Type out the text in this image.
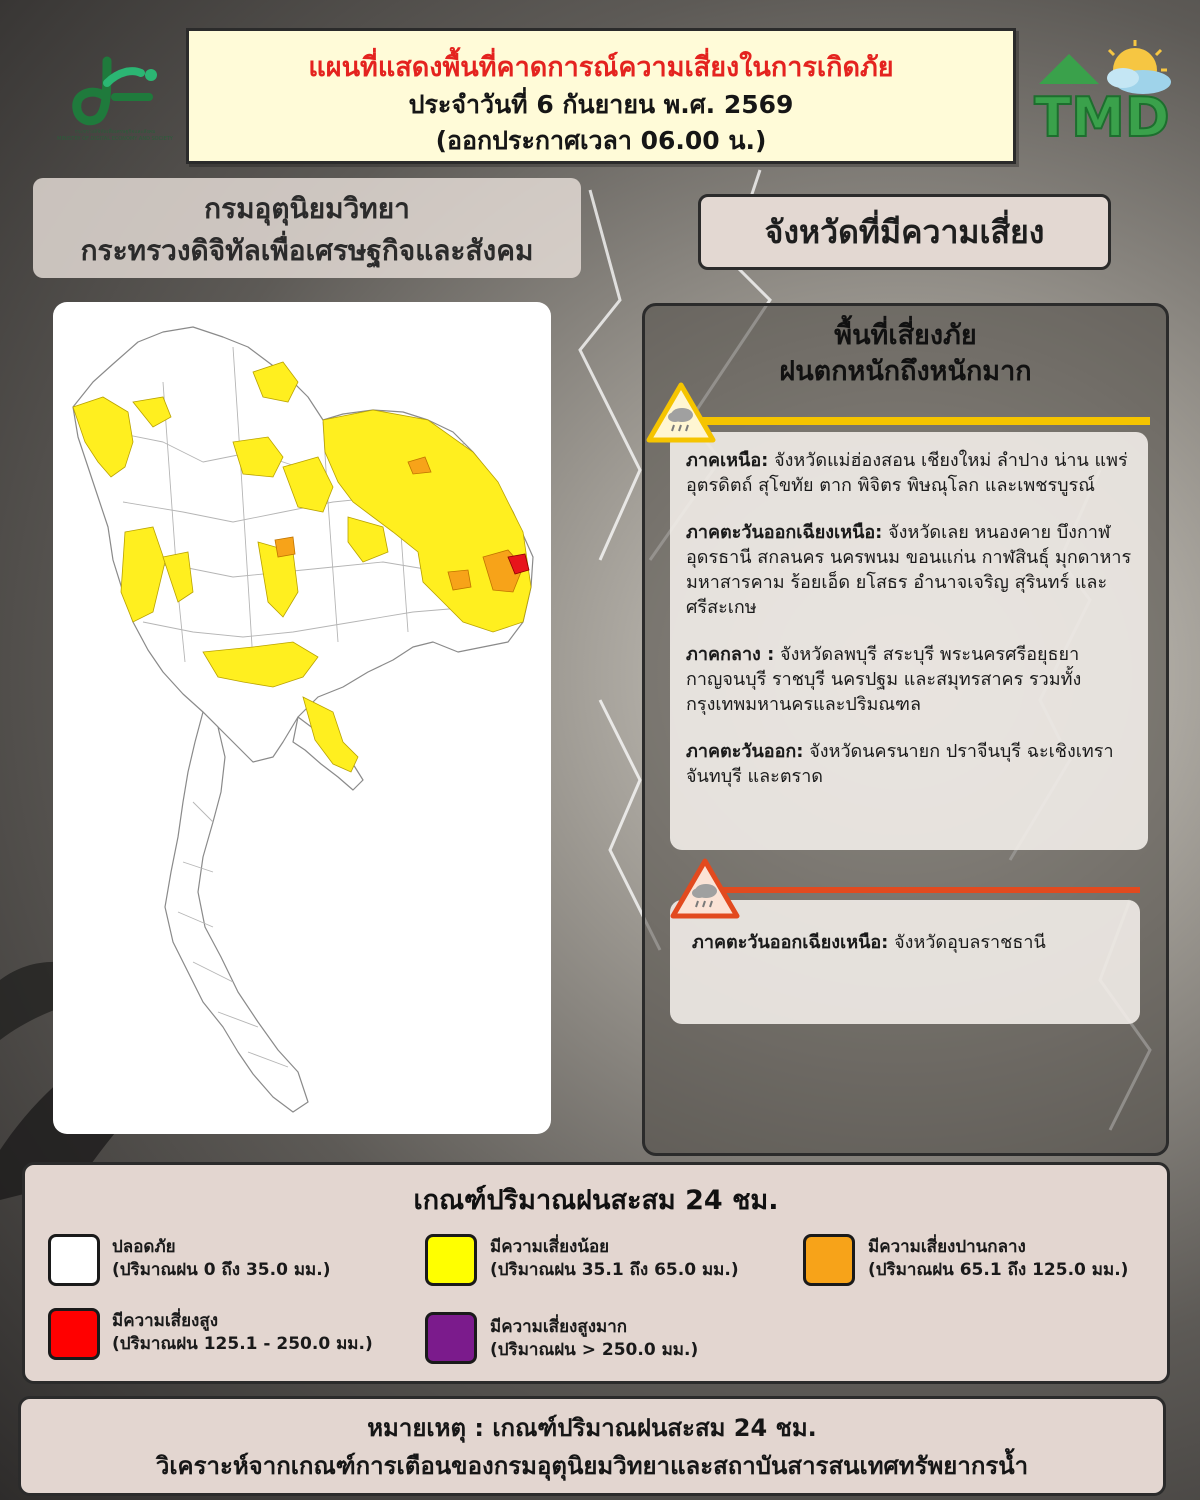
กระทรวงดิจิทัลเพื่อเศรษฐกิจและสังคม
MINISTRY OF DIGITAL ECONOMY AND SOCIETY
แผนที่แสดงพื้นที่คาดการณ์ความเสี่ยงในการเกิดภัย
ประจำวันที่ 6 กันยายน พ.ศ. 2569
(ออกประกาศเวลา 06.00 น.)	TMD
กรมอุตุนิยมวิทยา
กระทรวงดิจิทัลเพื่อเศรษฐกิจและสังคม	จังหวัดที่มีความเสี่ยง
พื้นที่เสี่ยงภัย
ฝนตกหนักถึงหนักมาก
ภาคเหนือ: จังหวัดแม่ฮ่องสอน เชียงใหม่ ลำปาง น่าน แพร่ อุตรดิตถ์ สุโขทัย ตาก พิจิตร พิษณุโลก และเพชรบูรณ์
ภาคตะวันออกเฉียงเหนือ: จังหวัดเลย หนองคาย บึงกาฬ อุดรธานี สกลนคร นครพนม ขอนแก่น กาฬสินธุ์ มุกดาหาร มหาสารคาม ร้อยเอ็ด ยโสธร อำนาจเจริญ สุรินทร์ และศรีสะเกษ
ภาคกลาง : จังหวัดลพบุรี สระบุรี พระนครศรีอยุธยา กาญจนบุรี ราชบุรี นครปฐม และสมุทรสาคร รวมทั้งกรุงเทพมหานครและปริมณฑล
ภาคตะวันออก: จังหวัดนครนายก ปราจีนบุรี ฉะเชิงเทรา จันทบุรี และตราด
ภาคตะวันออกเฉียงเหนือ: จังหวัดอุบลราชธานี
เกณฑ์ปริมาณฝนสะสม 24 ชม.
ปลอดภัย
(ปริมาณฝน 0 ถึง 35.0 มม.)
มีความเสี่ยงน้อย
(ปริมาณฝน 35.1 ถึง 65.0 มม.)
มีความเสี่ยงปานกลาง
(ปริมาณฝน 65.1 ถึง 125.0 มม.)
มีความเสี่ยงสูง
(ปริมาณฝน 125.1 - 250.0 มม.)
มีความเสี่ยงสูงมาก
(ปริมาณฝน > 250.0 มม.)
หมายเหตุ : เกณฑ์ปริมาณฝนสะสม 24 ชม.
วิเคราะห์จากเกณฑ์การเตือนของกรมอุตุนิยมวิทยาและสถาบันสารสนเทศทรัพยากรน้ำ
